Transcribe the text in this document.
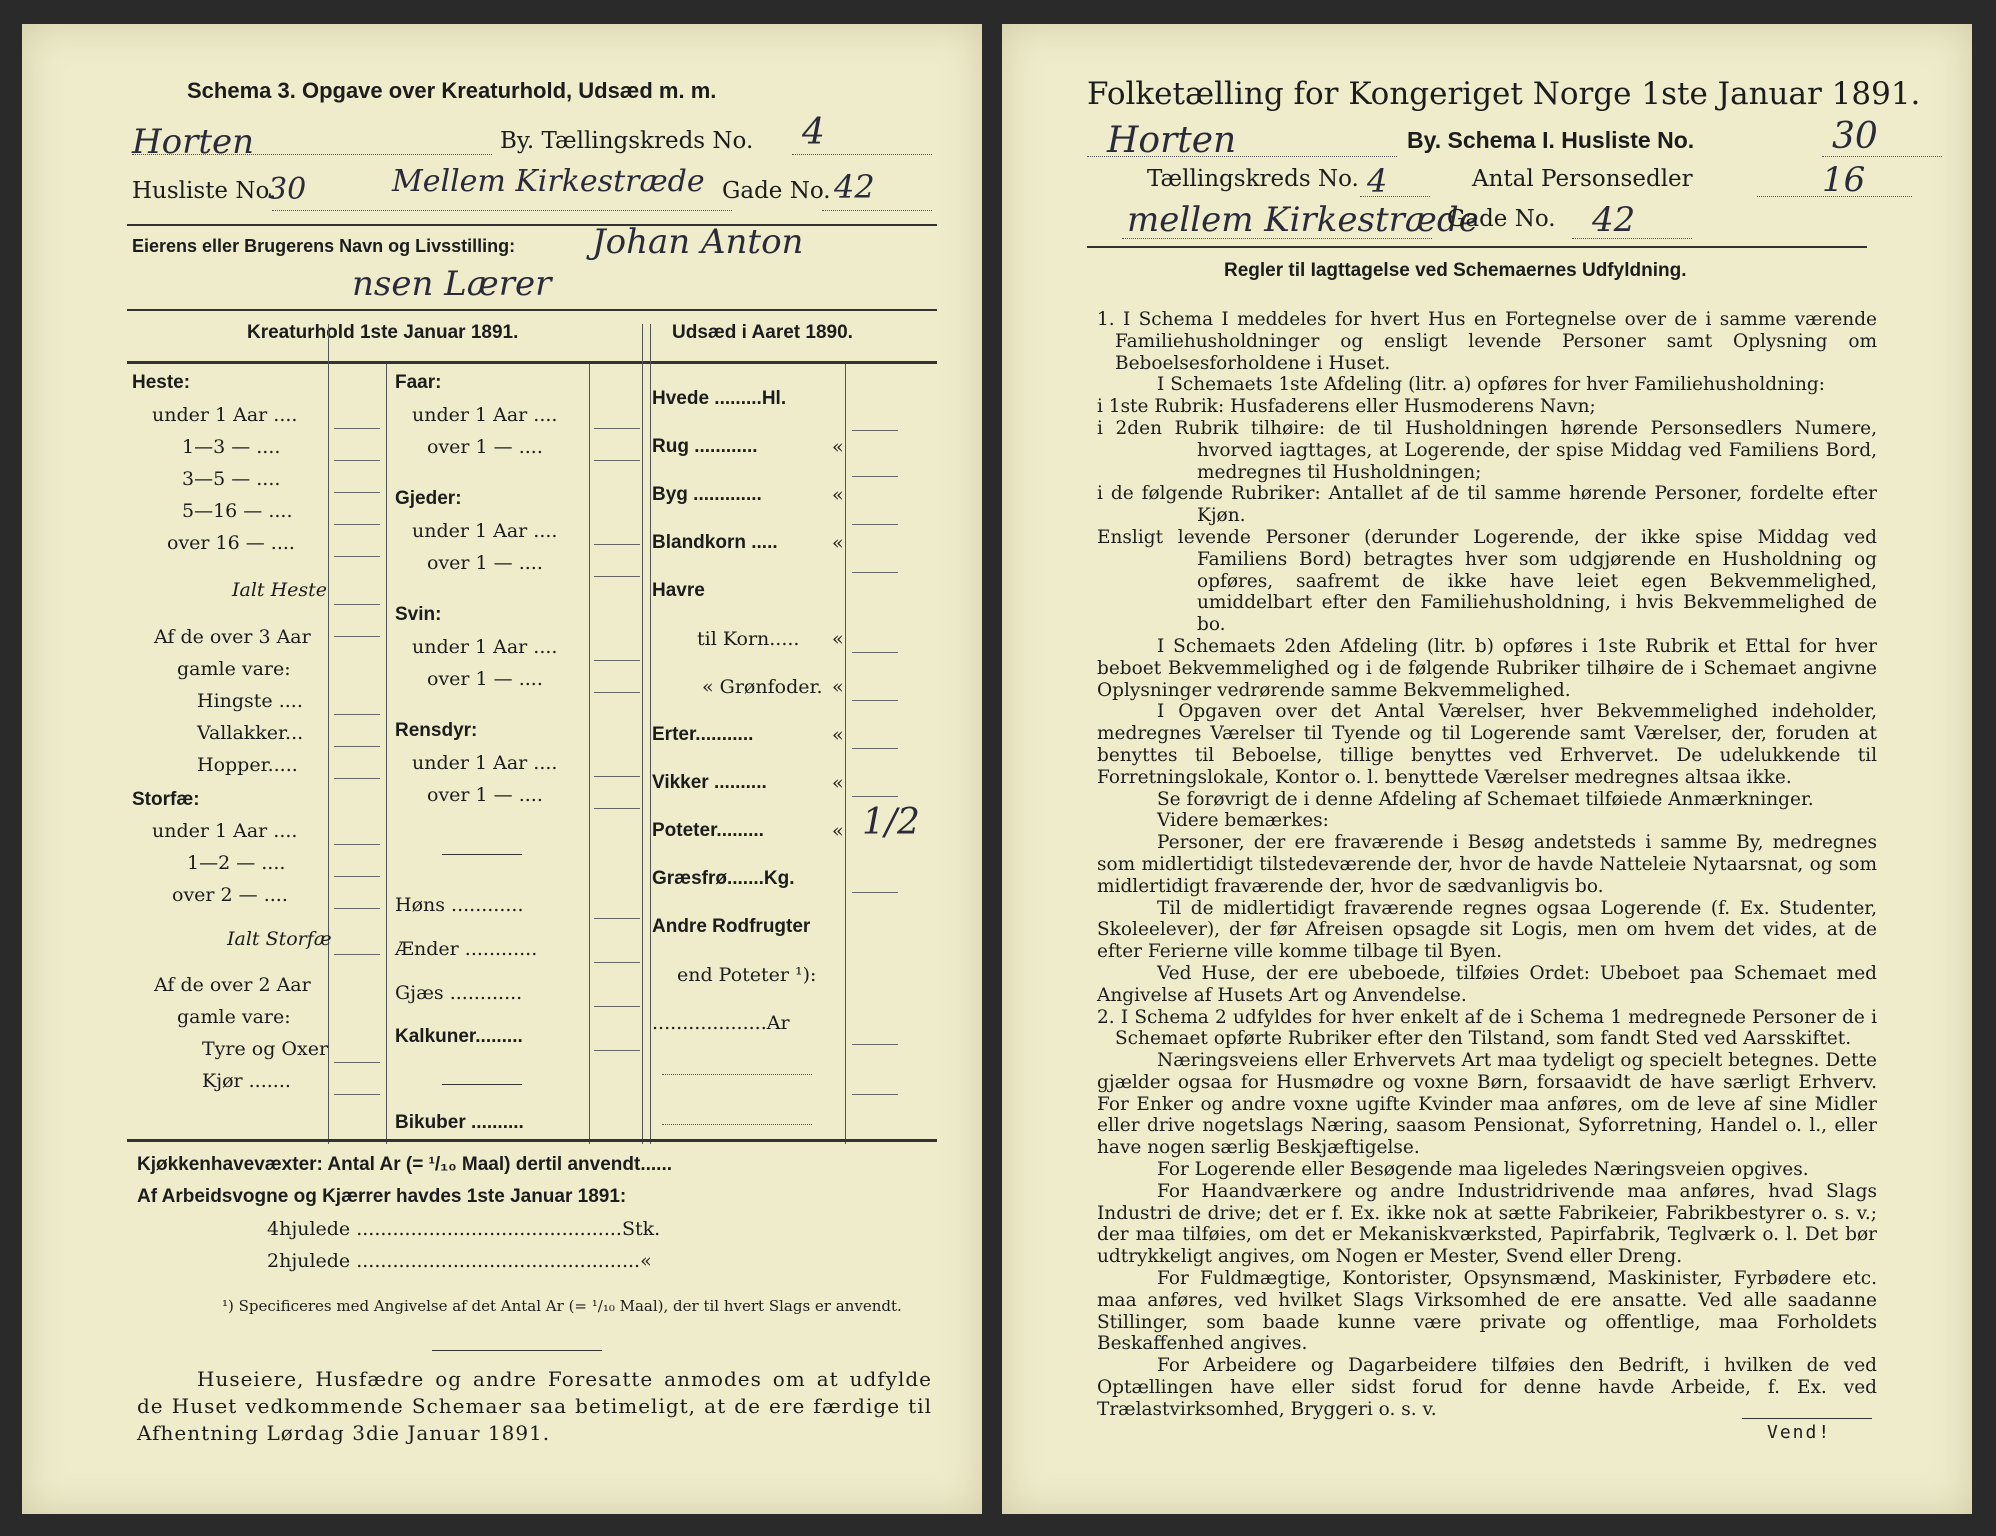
Schema 3. Opgave over Kreaturhold, Udsæd m. m.
Horten	By. Tællingskreds No. 4
Husliste No.
30	Mellem Kirkestræde Gade No. 42
Eierens eller Brugerens Navn og Livsstilling: Johan Anton
nsen Lærer
Kreaturhold 1ste Januar 1891.	Udsæd i Aaret 1890.
Heste:
under 1 Aar ....
1—3 — ....
3—5 — ....
5—16 — ....
over 16 — ....
Ialt Heste
Af de over 3 Aar
gamle vare:
Hingste ....
Vallakker...
Hopper.....
Storfæ:
under 1 Aar ....
1—2 — ....
over 2 — ....
Ialt Storfæ
Af de over 2 Aar
gamle vare:
Tyre og Oxer
Kjør .......
Faar:
under 1 Aar ....
over 1 — ....
Gjeder:
under 1 Aar ....
over 1 — ....
Svin:
under 1 Aar ....
over 1 — ....
Rensdyr:
under 1 Aar ....
over 1 — ....
Høns ............
Ænder ............
Gjæs ............
Kalkuner.........
Bikuber ..........
Hvede .........Hl.
Rug ............	«
Byg .............	«
Blandkorn .....	«
Havre
til Korn..... «
« Grønfoder. «
Erter...........	«
Vikker ..........	«
Poteter.........	« 1/2
Græsfrø.......Kg.
Andre Rodfrugter
end Poteter ¹):
...................Ar
Kjøkkenhavevæxter: Antal Ar (= ¹/₁₀ Maal) dertil anvendt......
Af Arbeidsvogne og Kjærrer havdes 1ste Januar 1891:
4hjulede ............................................Stk.
2hjulede ...............................................«
¹) Specificeres med Angivelse af det Antal Ar (= ¹/₁₀ Maal), der til hvert Slags er anvendt.
Huseiere, Husfædre og andre Foresatte anmodes om at udfylde de Huset vedkommende Schemaer saa betimeligt, at de ere færdige til Afhentning Lørdag 3die Januar 1891.
Folketælling for Kongeriget Norge 1ste Januar 1891.
Horten	By. Schema I. Husliste No.	30
Tællingskreds No. 4	Antal Personsedler	16
mellem Kirkestræde
Gade No. 42
Regler til Iagttagelse ved Schemaernes Udfyldning.

1. I Schema I meddeles for hvert Hus en Fortegnelse over de i samme værende Familiehusholdninger og ensligt levende Personer samt Oplysning om Beboelsesforholdene i Huset.

I Schemaets 1ste Afdeling (litr. a) opføres for hver Familiehusholdning:

i 1ste Rubrik: Husfaderens eller Husmoderens Navn;

i 2den Rubrik tilhøire: de til Husholdningen hørende Personsedlers Numere, hvorved iagttages, at Logerende, der spise Middag ved Familiens Bord, medregnes til Husholdningen;

i de følgende Rubriker: Antallet af de til samme hørende Personer, fordelte efter Kjøn.

Ensligt levende Personer (derunder Logerende, der ikke spise Middag ved Familiens Bord) betragtes hver som udgjørende en Husholdning og opføres, saafremt de ikke have leiet egen Bekvemmelighed, umiddelbart efter den Familiehusholdning, i hvis Bekvemmelighed de bo.

I Schemaets 2den Afdeling (litr. b) opføres i 1ste Rubrik et Ettal for hver beboet Bekvemmelighed og i de følgende Rubriker tilhøire de i Schemaet angivne Oplysninger vedrørende samme Bekvemmelighed.

I Opgaven over det Antal Værelser, hver Bekvemmelighed indeholder, medregnes Værelser til Tyende og til Logerende samt Værelser, der, foruden at benyttes til Beboelse, tillige benyttes ved Erhvervet. De udelukkende til Forretningslokale, Kontor o. l. benyttede Værelser medregnes altsaa ikke.

Se forøvrigt de i denne Afdeling af Schemaet tilføiede Anmærkninger.

Videre bemærkes:

Personer, der ere fraværende i Besøg andetsteds i samme By, medregnes som midlertidigt tilstedeværende der, hvor de havde Natteleie Nytaarsnat, og som midlertidigt fraværende der, hvor de sædvanligvis bo.

Til de midlertidigt fraværende regnes ogsaa Logerende (f. Ex. Studenter, Skoleelever), der før Afreisen opsagde sit Logis, men om hvem det vides, at de efter Ferierne ville komme tilbage til Byen.

Ved Huse, der ere ubeboede, tilføies Ordet: Ubeboet paa Schemaet med Angivelse af Husets Art og Anvendelse.

2. I Schema 2 udfyldes for hver enkelt af de i Schema 1 medregnede Personer de i Schemaet opførte Rubriker efter den Tilstand, som fandt Sted ved Aarsskiftet.

Næringsveiens eller Erhvervets Art maa tydeligt og specielt betegnes. Dette gjælder ogsaa for Husmødre og voxne Børn, forsaavidt de have særligt Erhverv. For Enker og andre voxne ugifte Kvinder maa anføres, om de leve af sine Midler eller drive nogetslags Næring, saasom Pensionat, Syforretning, Handel o. l., eller have nogen særlig Beskjæftigelse.

For Logerende eller Besøgende maa ligeledes Næringsveien opgives.

For Haandværkere og andre Industridrivende maa anføres, hvad Slags Industri de drive; det er f. Ex. ikke nok at sætte Fabrikeier, Fabrikbestyrer o. s. v.; der maa tilføies, om det er Mekaniskværksted, Papirfabrik, Teglværk o. l. Det bør udtrykkeligt angives, om Nogen er Mester, Svend eller Dreng.

For Fuldmægtige, Kontorister, Opsynsmænd, Maskinister, Fyrbødere etc. maa anføres, ved hvilket Slags Virksomhed de ere ansatte. Ved alle saadanne Stillinger, som baade kunne være private og offentlige, maa Forholdets Beskaffenhed angives.

For Arbeidere og Dagarbeidere tilføies den Bedrift, i hvilken de ved Optællingen have eller sidst forud for denne havde Arbeide, f. Ex. ved Trælastvirksomhed, Bryggeri o. s. v.

Vend!
